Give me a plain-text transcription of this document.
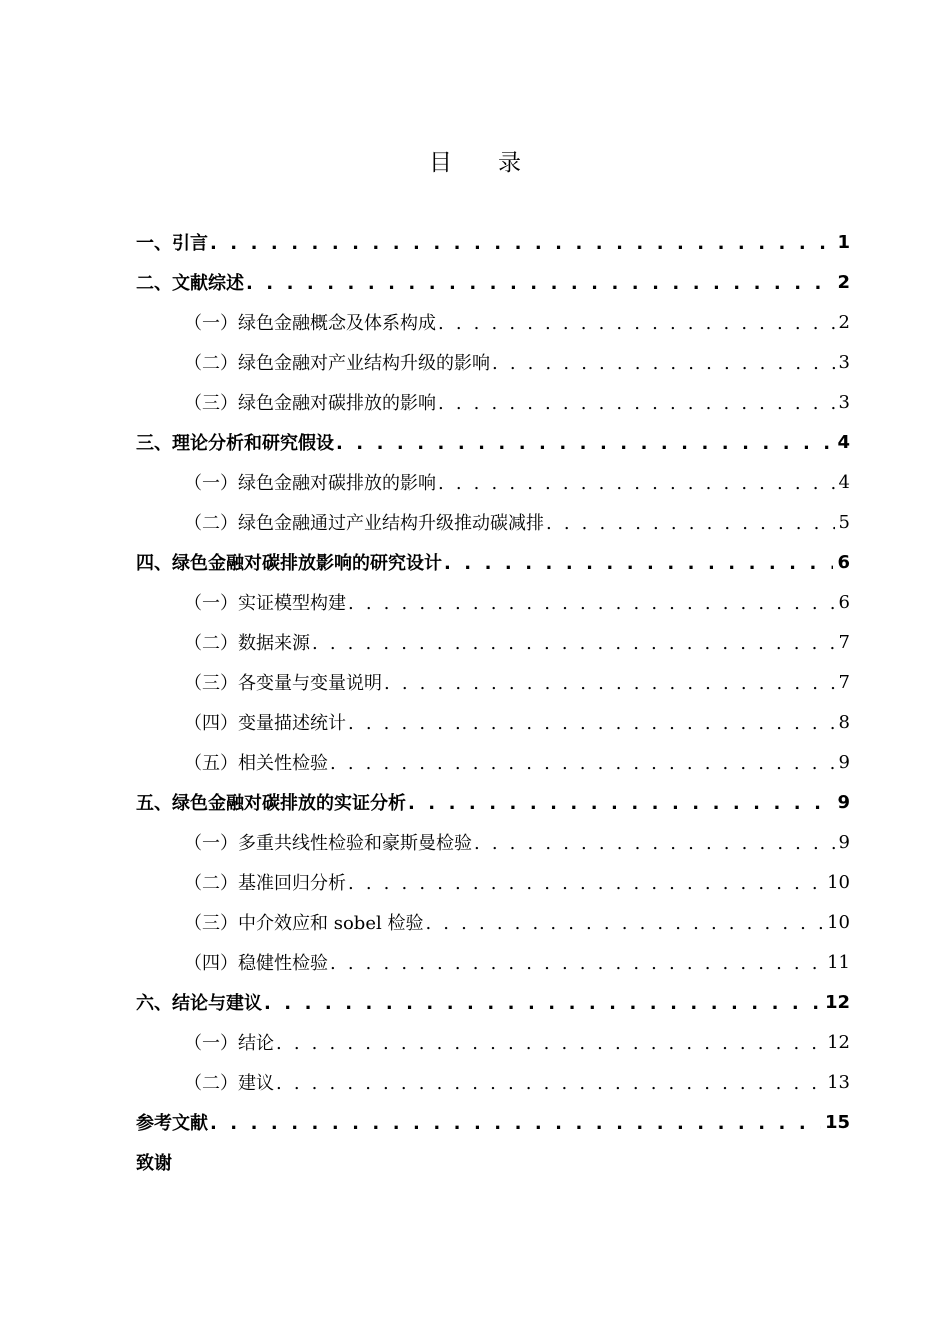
目录
一、引言 . . .	1
二、文献综述 . . .	2
（一） 绿色金融概念及体系构成 . . .	2
（二） 绿色金融对产业结构升级的影响 . . .	3
（三） 绿色金融对碳排放的影响 . . .	3
三、理论分析和研究假设 . . .	4
（一） 绿色金融对碳排放的影响 . . .	4
（二） 绿色金融通过产业结构升级推动碳减排 . . .	5
四、绿色金融对碳排放影响的研究设计 . . .	6
（一） 实证模型构建 . . .	6
（二） 数据来源 . . .	7
（三） 各变量与变量说明 . . .	7
（四） 变量描述统计 . . .	8
（五） 相关性检验 . . .	9
五、绿色金融对碳排放的实证分析 . . .	9
（一） 多重共线性检验和豪斯曼检验 . . .	9
（二） 基准回归分析 . . .	10
（三） 中介效应和 sobel 检验 . . .	10
（四） 稳健性检验 . . .	11
六、结论与建议 . . .	12
（一） 结论 . . .	12
（二） 建议 . . .	13
参考文献 . . .	15
致谢
